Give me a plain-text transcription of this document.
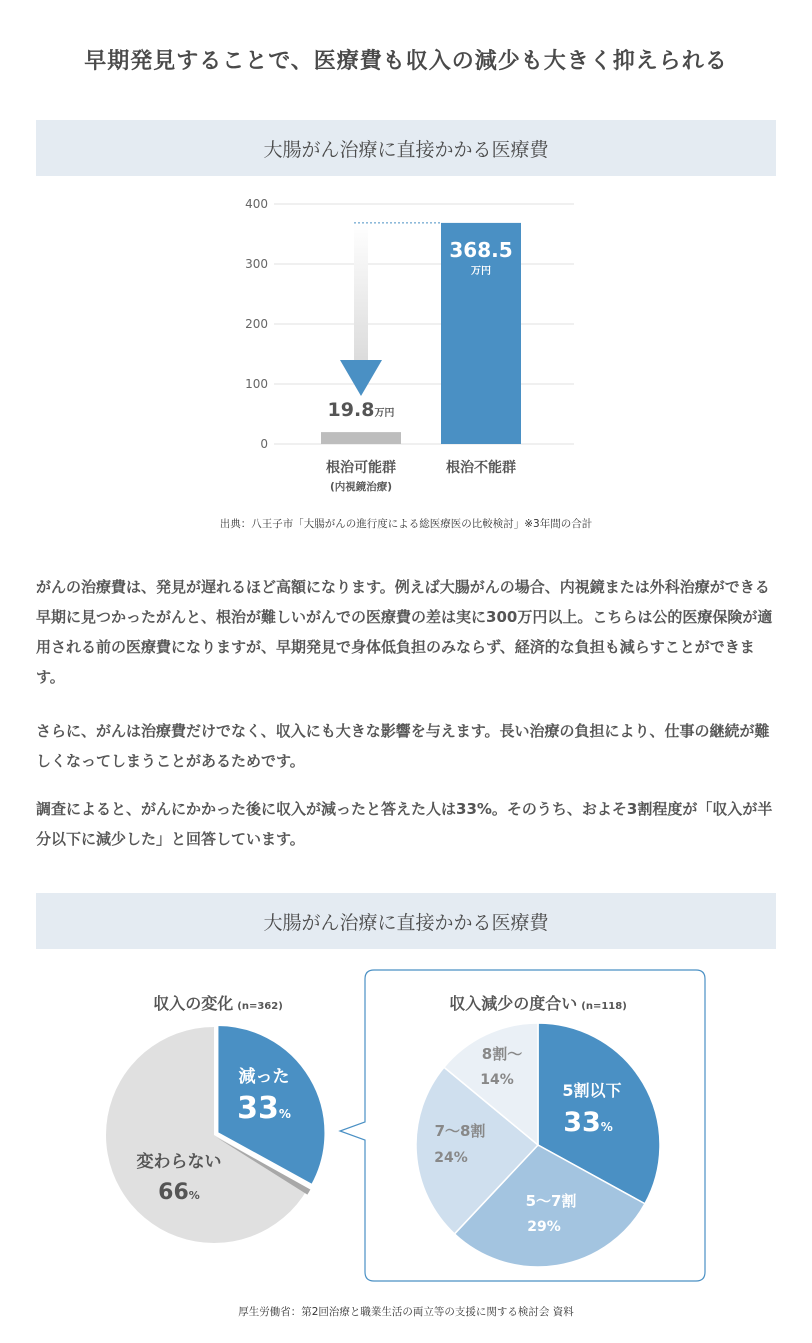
早期発見することで、医療費も収入の減少も大きく抑えられる
大腸がん治療に直接かかる医療費
0
100
200
300
400
根治可能群
(内視鏡治療)
根治不能群
19.8万円
368.5
万円
出典：八王子市「大腸がんの進行度による総医療医の比較検討」※3年間の合計
がんの治療費は、発見が遅れるほど高額になります。例えば大腸がんの場合、内視鏡または外科治療ができる早期に見つかったがんと、根治が難しいがんでの医療費の差は実に300万円以上。こちらは公的医療保険が適用される前の医療費になりますが、早期発見で身体低負担のみならず、経済的な負担も減らすことができます。
さらに、がんは治療費だけでなく、収入にも大きな影響を与えます。長い治療の負担により、仕事の継続が難しくなってしまうことがあるためです。
調査によると、がんにかかった後に収入が減ったと答えた人は33%。そのうち、およそ3割程度が「収入が半分以下に減少した」と回答しています。
大腸がん治療に直接かかる医療費
収入の変化 (n=362)	収入減少の度合い (n=118)
減った
33%
変わらない
66%
5割以下
33%
5〜7割
29%
7〜8割
24%
8割〜
14%
厚生労働省：第2回治療と職業生活の両立等の支援に関する検討会 資料
